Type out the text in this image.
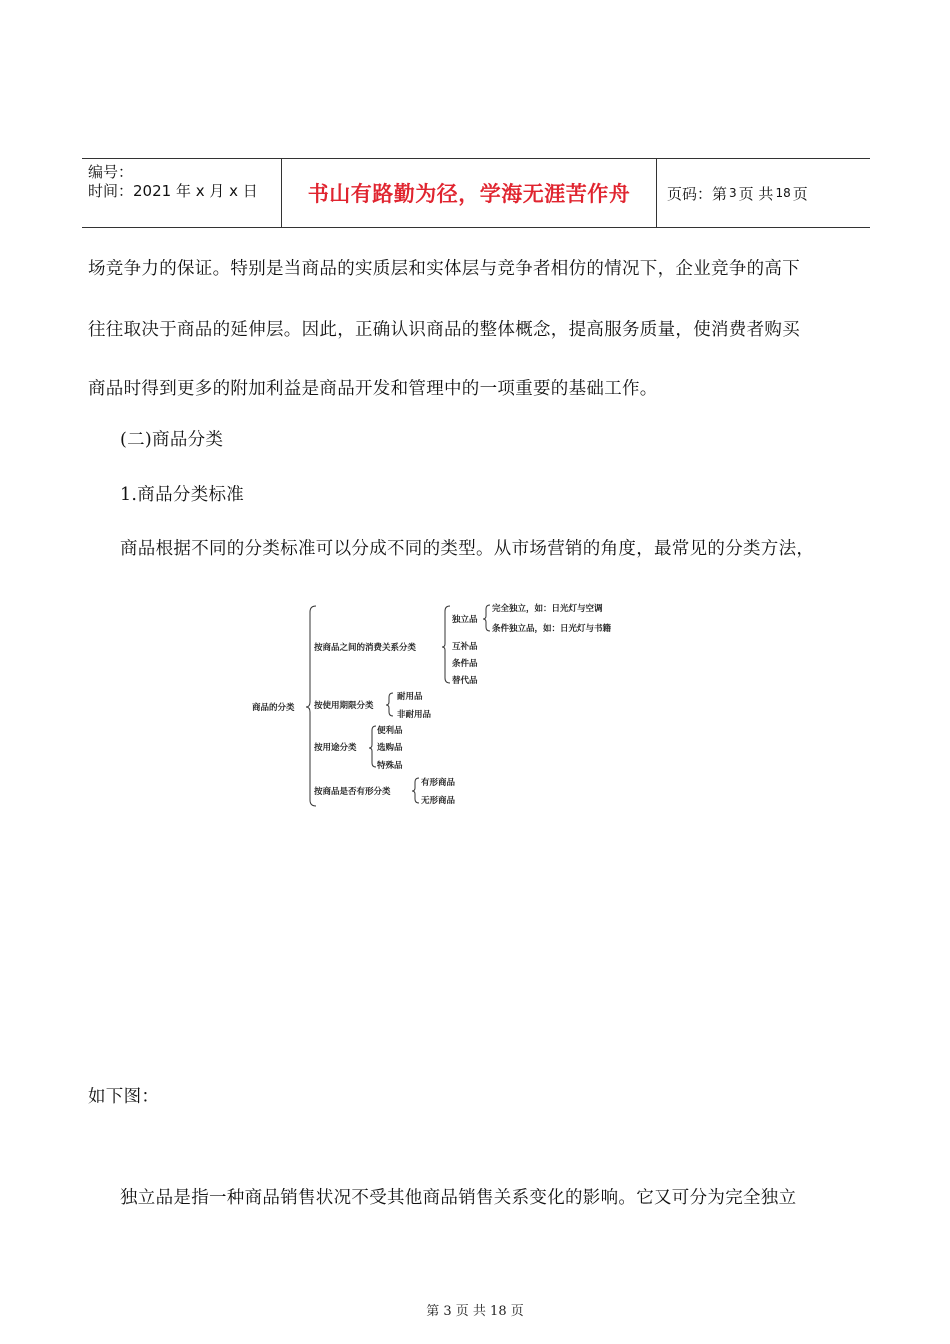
编号：
时间：2021 年 x 月 x 日	书山有路勤为径，学海无涯苦作舟	页码：第 3 页 共 18 页
场竞争力的保证。特别是当商品的实质层和实体层与竞争者相仿的情况下，企业竞争的高下
往往取决于商品的延伸层。因此，正确认识商品的整体概念，提高服务质量，使消费者购买
商品时得到更多的附加利益是商品开发和管理中的一项重要的基础工作。
(二)商品分类
1.商品分类标准
商品根据不同的分类标准可以分成不同的类型。从市场营销的角度，最常见的分类方法，
商品的分类
按商品之间的消费关系分类
独立品
完全独立，如：日光灯与空调
条件独立品，如：日光灯与书籍
互补品
条件品
替代品
按使用期限分类
耐用品
非耐用品
按用途分类
便利品
选购品
特殊品
按商品是否有形分类
有形商品
无形商品
如下图：
独立品是指一种商品销售状况不受其他商品销售关系变化的影响。它又可分为完全独立
第 3 页 共 18 页
